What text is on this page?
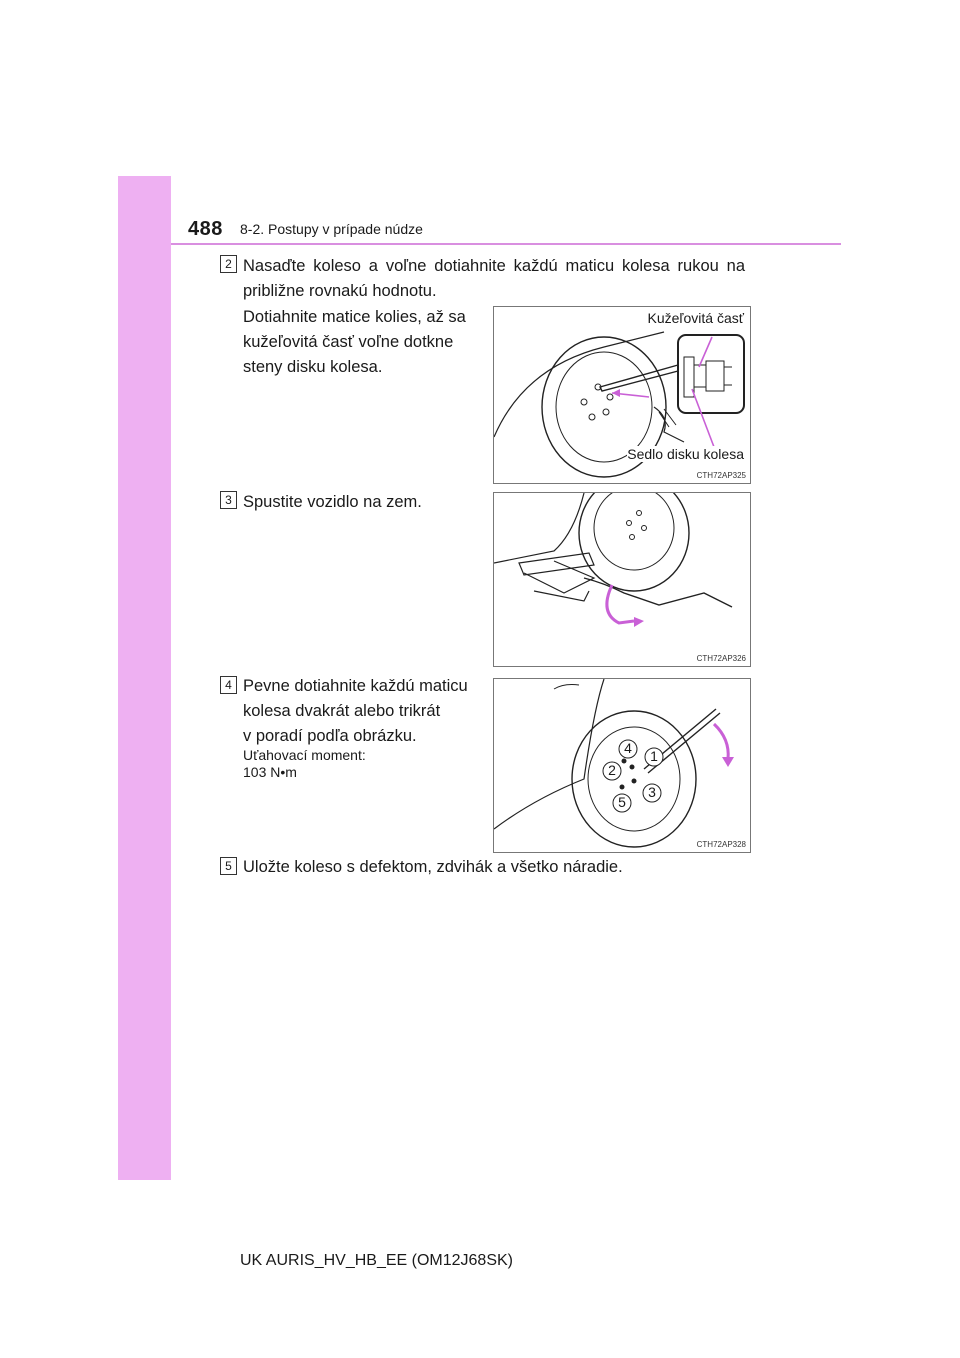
488 8-2. Postupy v prípade núdze
2 Nasaďte koleso a voľne dotiahnite každú maticu kolesa rukou na približne rovnakú hodnotu.
Dotiahnite matice kolies, až sa
kužeľovitá časť voľne dotkne
steny disku kolesa.
Kužeľovitá časť
Sedlo disku kolesa
CTH72AP325
3 Spustite vozidlo na zem.
CTH72AP326
4 Pevne dotiahnite každú maticu
kolesa dvakrát alebo trikrát
v poradí podľa obrázku.
Uťahovací moment:
103 N•m
1
2
3
4
5
CTH72AP328
5 Uložte koleso s defektom, zdvihák a všetko náradie.
UK AURIS_HV_HB_EE (OM12J68SK)
